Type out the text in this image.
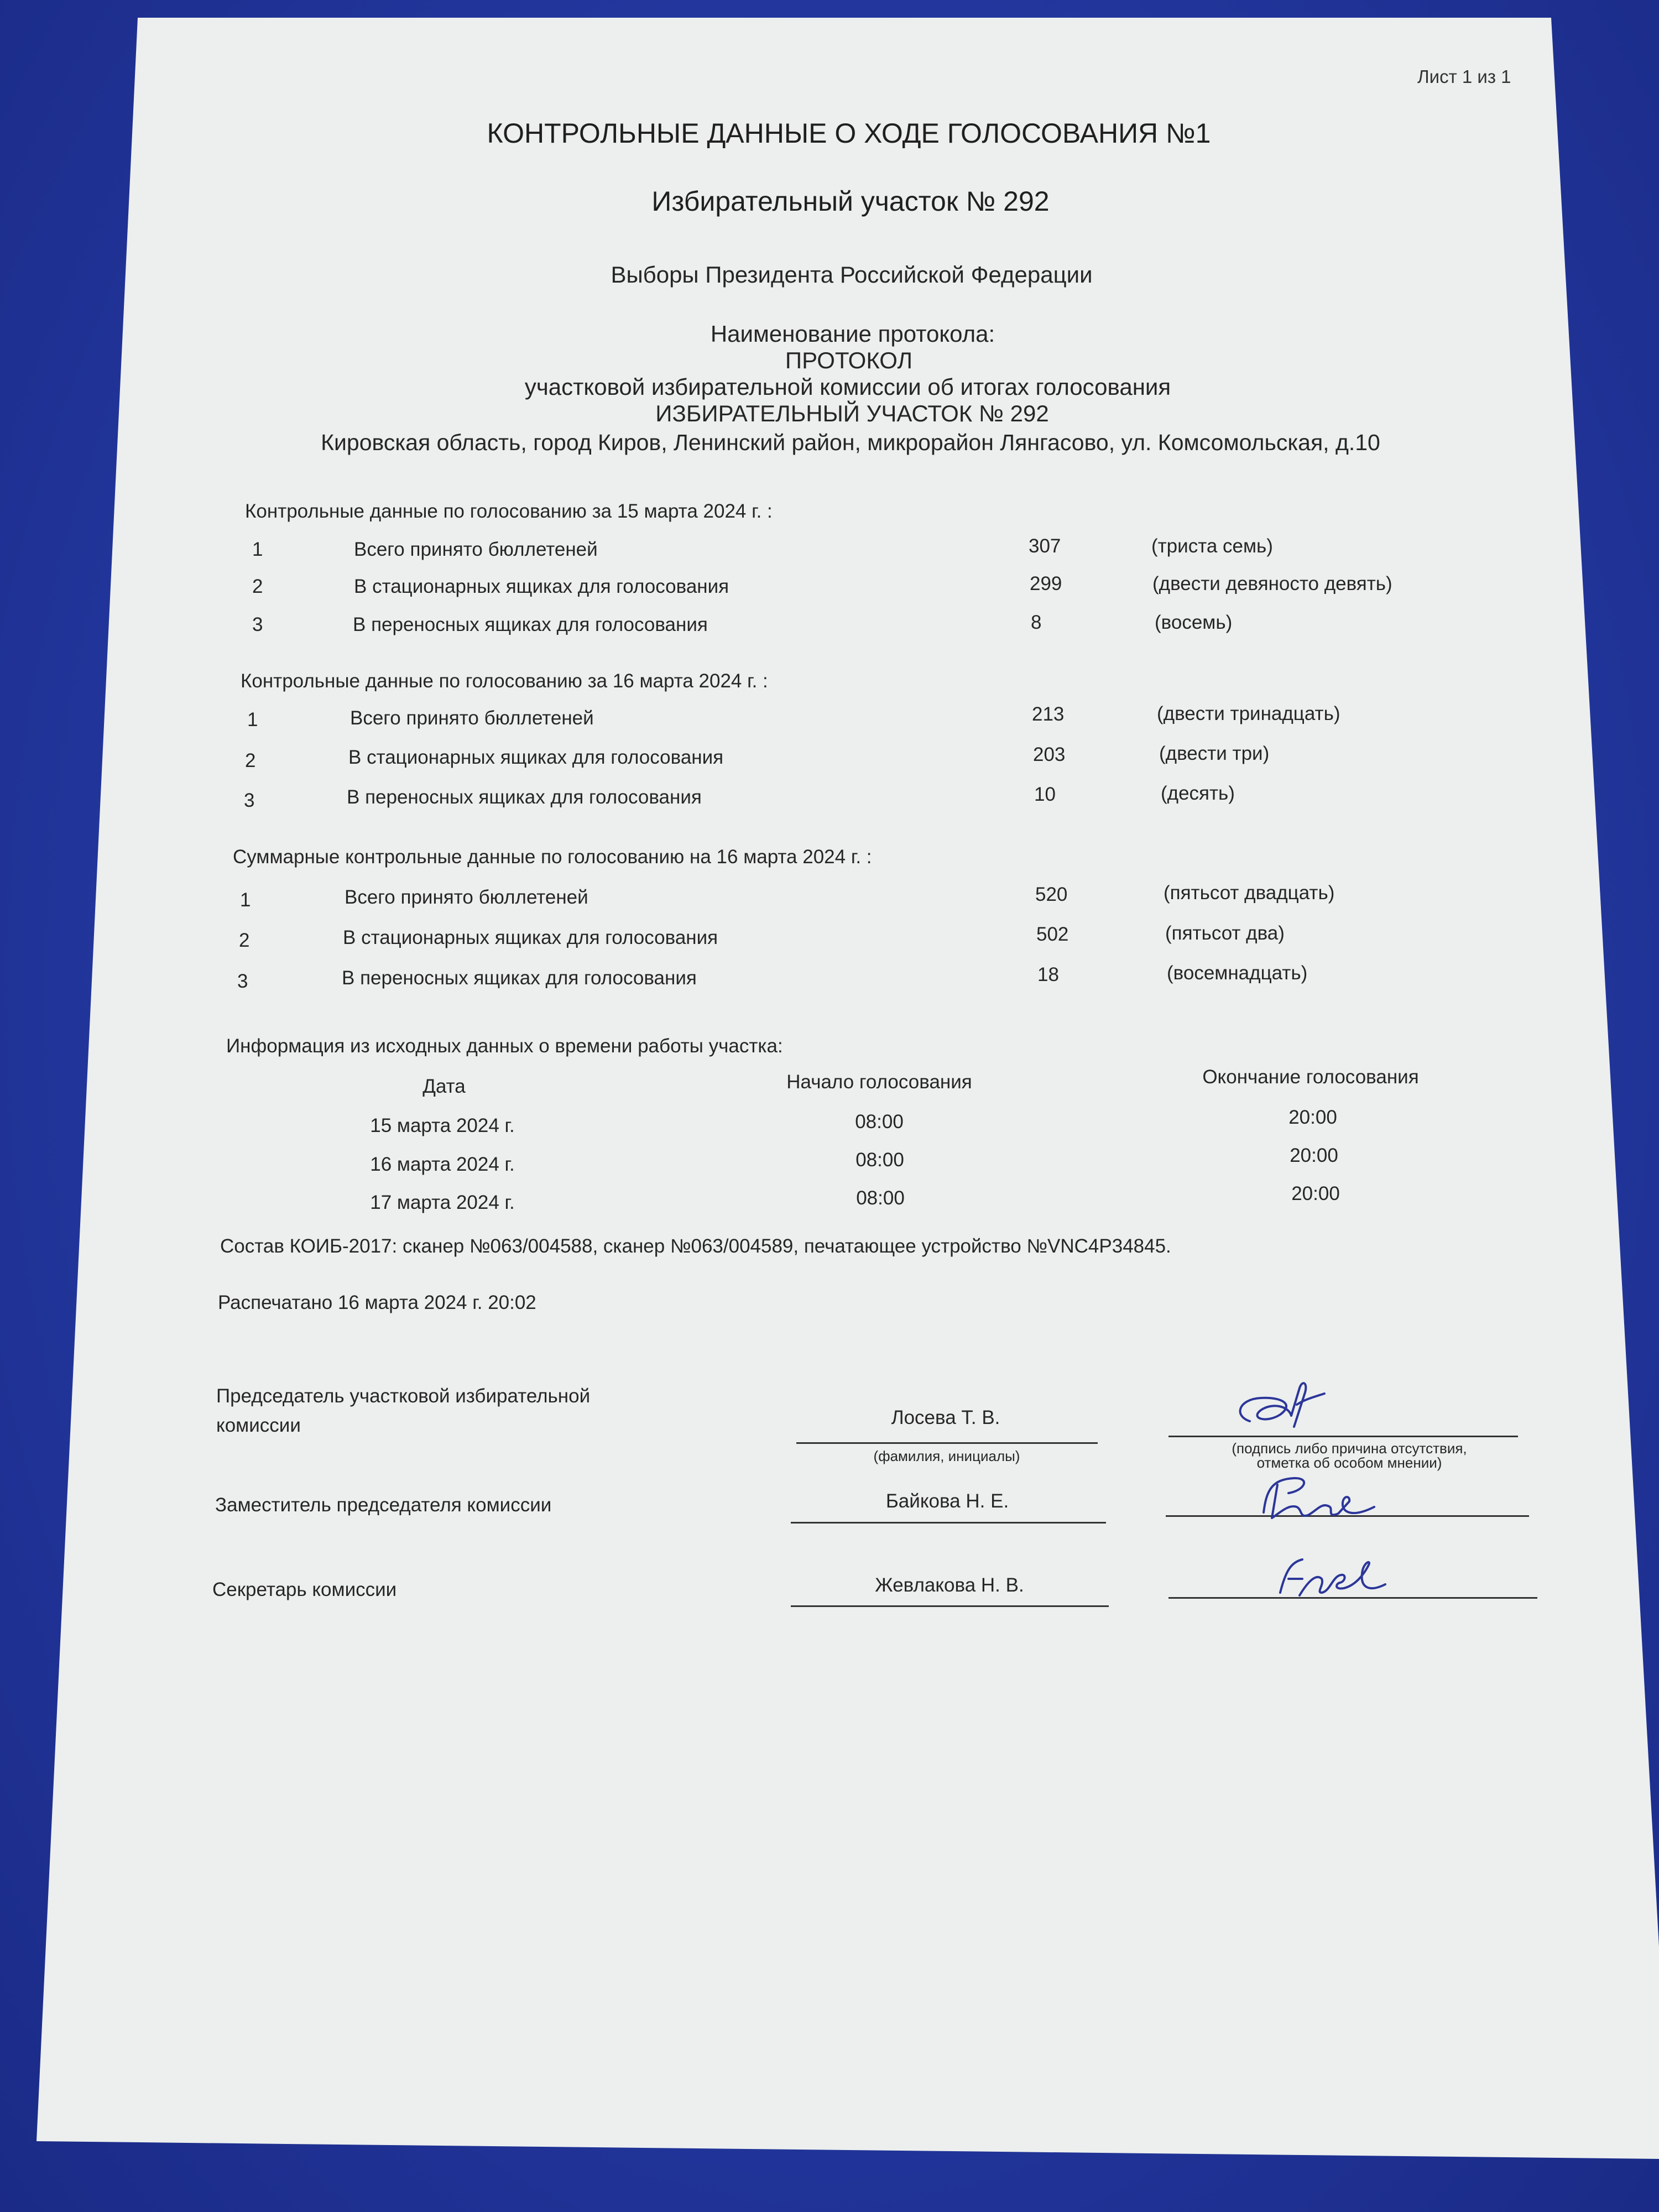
Лист 1 из 1
КОНТРОЛЬНЫЕ ДАННЫЕ О ХОДЕ ГОЛОСОВАНИЯ №1
Избирательный участок № 292
Выборы Президента Российской Федерации
Наименование протокола:
ПРОТОКОЛ
участковой избирательной комиссии об итогах голосования
ИЗБИРАТЕЛЬНЫЙ УЧАСТОК № 292
Кировская область, город Киров, Ленинский район, микрорайон Лянгасово, ул. Комсомольская, д.10
Контрольные данные по голосованию за 15 марта 2024 г. :
1	Всего принято бюллетеней	307	(триста семь)
2	В стационарных ящиках для голосования	299	(двести девяносто девять)
3	В переносных ящиках для голосования	8	(восемь)
Контрольные данные по голосованию за 16 марта 2024 г. :
1	Всего принято бюллетеней	213	(двести тринадцать)
2	В стационарных ящиках для голосования	203	(двести три)
3	В переносных ящиках для голосования	10	(десять)
Суммарные контрольные данные по голосованию на 16 марта 2024 г. :
1	Всего принято бюллетеней	520	(пятьсот двадцать)
2	В стационарных ящиках для голосования	502	(пятьсот два)
3	В переносных ящиках для голосования	18	(восемнадцать)
Информация из исходных данных о времени работы участка:
Дата	Начало голосования	Окончание голосования
15 марта 2024 г.	08:00	20:00
16 марта 2024 г.	08:00	20:00
17 марта 2024 г.	08:00	20:00
Состав КОИБ-2017: сканер №063/004588, сканер №063/004589, печатающее устройство №VNC4P34845.
Распечатано 16 марта 2024 г. 20:02
Председатель участковой избирательной
комиссии	Лосева Т. В.
(фамилия, инициалы)	(подпись либо причина отсутствия,
отметка об особом мнении)
Заместитель председателя комиссии	Байкова Н. Е.
Секретарь комиссии	Жевлакова Н. В.
